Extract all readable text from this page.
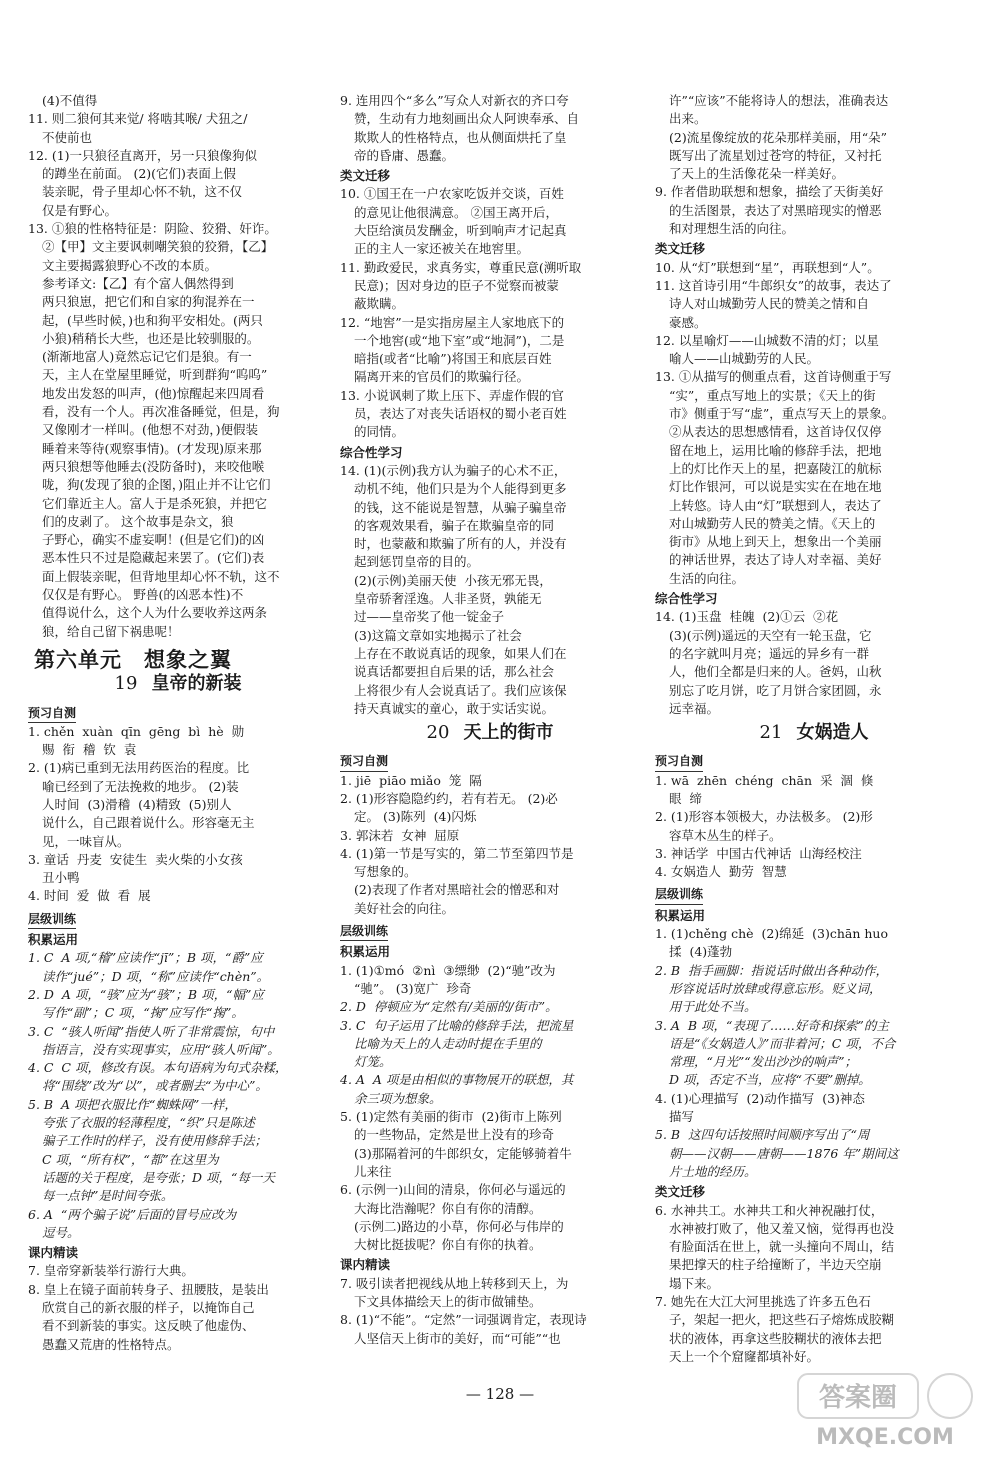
(4)不值得
11. 则二狼何其来觉/ 将啮其喉/ 犬狃之/
不使前也
12. (1)一只狼径直离开，另一只狼像狗似
的蹲坐在前面。 (2)(它们)表面上假
装亲昵，骨子里却心怀不轨，这不仅
仅是有野心。
13. ①狼的性格特征是：阴险、狡猾、奸诈。
②【甲】文主要讽刺嘲笑狼的狡猾，【乙】
文主要揭露狼野心不改的本质。
参考译文:【乙】有个富人偶然得到
两只狼崽，把它们和自家的狗混养在一
起，(早些时候，)也和狗平安相处。(两只
小狼)稍稍长大些，也还是比较驯服的。
(渐渐地富人)竟然忘记它们是狼。有一
天，主人在堂屋里睡觉，听到群狗“呜呜”
地发出发怒的叫声，(他)惊醒起来四周看
看，没有一个人。再次准备睡觉，但是，狗
又像刚才一样叫。(他想不对劲，)便假装
睡着来等待(观察事情)。(才发现)原来那
两只狼想等他睡去(没防备时)，来咬他喉
咙，狗(发现了狼的企图，)阻止并不让它们
它们靠近主人。富人于是杀死狼，并把它
们的皮剥了。 这个故事是杂文，狼
子野心，确实不虚妄啊！(但是它们)的凶
恶本性只不过是隐藏起来罢了。(它们)表
面上假装亲昵，但背地里却心怀不轨，这不
仅仅是有野心。 野兽(的凶恶本性)不
值得说什么，这个人为什么要收养这两条
狼，给自己留下祸患呢！
第六单元　想象之翼
19 皇帝的新装
预习自测
1. chěn  xuàn  qīn  gēng  bì  hè  勋
赐  衔  稽  钦  袁
2. (1)病已重到无法用药医治的程度。比
喻已经到了无法挽救的地步。 (2)装
人时间  (3)滑稽  (4)精致  (5)别人
说什么，自己跟着说什么。形容毫无主
见，一味盲从。
3. 童话  丹麦  安徒生  卖火柴的小女孩
丑小鸭
4. 时间  爱  做  看  展
层级训练
积累运用
1. C  A 项,“稽”应读作“jī”；B 项，“爵”应
读作“jué”；D 项，“称”应读作“chèn”。
2. D  A 项，“骇”应为“骇”；B 项，“幅”应
写作“副”；C 项，“掬”应写作“掬”。
3. C  “骇人听闻”指使人听了非常震惊，句中
指语言，没有实现事实，应用“骇人听闻”。
4. C  C 项，修改有误。本句语病为句式杂糅，
将“围绕”改为“以”，或者删去“为中心”。
5. B  A 项把衣服比作“蜘蛛网”一样，
夸张了衣服的轻薄程度，“织”只是陈述
骗子工作时的样子，没有使用修辞手法；
C 项，“所有权”，“都”在这里为
话题的关于程度，是夸张；D 项，“每一天
每一点钟”是时间夸张。
6. A  “两个骗子说”后面的冒号应改为
逗号。
课内精读
7. 皇帝穿新装举行游行大典。
8. 皇上在镜子面前转身子、扭腰肢，是装出
欣赏自己的新衣服的样子，以掩饰自己
看不到新装的事实。这反映了他虚伪、
愚蠢又荒唐的性格特点。
9. 连用四个“多么”写众人对新衣的齐口夸
赞，生动有力地刻画出众人阿谀奉承、自
欺欺人的性格特点，也从侧面烘托了皇
帝的昏庸、愚蠢。
类文迁移
10. ①国王在一户农家吃饭并交谈，百姓
的意见让他很满意。 ②国王离开后，
大臣给演员发酬金，听到响声才记起真
正的主人一家还被关在地窖里。
11. 勤政爱民，求真务实，尊重民意(溯听取
民意)；因对身边的臣子不觉察而被蒙
蔽欺瞒。
12. “地窖”一是实指房屋主人家地底下的
一个地窖(或“地下室”或“地洞”)，二是
暗指(或者“比喻”)将国王和底层百姓
隔离开来的官员们的欺骗行径。
13. 小说讽刺了欺上压下、弄虚作假的官
员，表达了对丧失话语权的蜀小老百姓
的同情。
综合性学习
14. (1)(示例)我方认为骗子的心术不正，
动机不纯，他们只是为个人能得到更多
的钱，这不能说是智慧，从骗子骗皇帝
的客观效果看，骗子在欺骗皇帝的同
时，也蒙蔽和欺骗了所有的人，并没有
起到惩罚皇帝的目的。
(2)(示例)美丽天使  小孩无邪无畏，
皇帝骄奢淫逸。人非圣贤，孰能无
过——皇帝奖了他一锭金子
(3)这篇文章如实地揭示了社会
上存在不敢说真话的现象，如果人们在
说真话都要担自后果的话，那么社会
上将很少有人会说真话了。我们应该保
持天真诚实的童心，敢于实话实说。
20 天上的街市
预习自测
1. jiē  piāo miǎo  笼  隔
2. (1)形容隐隐约约，若有若无。 (2)必
定。 (3)陈列  (4)闪烁
3. 郭沫若  女神  屈原
4. (1)第一节是写实的，第二节至第四节是
写想象的。
(2)表现了作者对黑暗社会的憎恶和对
美好社会的向往。
层级训练
积累运用
1. (1)①mó  ②nì  ③缥缈  (2)“驰”改为
“驰”。 (3)宽广  珍奇
2. D  停顿应为“定然有/美丽的/街市”。
3. C  句子运用了比喻的修辞手法，把流星
比喻为天上的人走动时提在手里的
灯笼。
4. A  A 项是由相似的事物展开的联想，其
余三项为想象。
5. (1)定然有美丽的街市  (2)街市上陈列
的一些物品，定然是世上没有的珍奇
(3)那隔着河的牛郎织女，定能够骑着牛
儿来往
6. (示例一)山间的清泉，你何必与遥远的
大海比浩瀚呢？你自有你的清醇。
(示例二)路边的小草，你何必与伟岸的
大树比挺拔呢？你自有你的执着。
课内精读
7. 吸引读者把视线从地上转移到天上，为
下文具体描绘天上的街市做铺垫。
8. (1)“不能”。“定然”一词强调肯定，表现诗
人坚信天上街市的美好，而“可能”“也
许”“应该”不能将诗人的想法，准确表达
出来。
(2)流星像绽放的花朵那样美丽，用“朵”
既写出了流星划过苍穹的特征，又衬托
了天上的生活像花朵一样美好。
9. 作者借助联想和想象，描绘了天街美好
的生活图景，表达了对黑暗现实的憎恶
和对理想生活的向往。
类文迁移
10. 从“灯”联想到“星”，再联想到“人”。
11. 这首诗引用“牛郎织女”的故事，表达了
诗人对山城勤劳人民的赞美之情和自
豪感。
12. 以星喻灯——山城数不清的灯；以星
喻人——山城勤劳的人民。
13. ①从描写的侧重点看，这首诗侧重于写
“实”，重点写地上的实景；《天上的街
市》侧重于写“虚”，重点写天上的景象。
②从表达的思想感情看，这首诗仅仅停
留在地上，运用比喻的修辞手法，把地
上的灯比作天上的星，把嘉陵江的航标
灯比作银河，可以说是实实在在地在地
上转悠。诗人由“灯”联想到人，表达了
对山城勤劳人民的赞美之情。《天上的
街市》从地上到天上，想象出一个美丽
的神话世界，表达了诗人对幸福、美好
生活的向往。
综合性学习
14. (1)玉盘  桂魄  (2)①云  ②花
(3)(示例)遥远的天空有一轮玉盘，它
的名字就叫月亮；遥远的异乡有一群
人，他们全都是归来的人。爸妈，山秋
别忘了吃月饼，吃了月饼合家团圆，永
远幸福。
21 女娲造人
预习自测
1. wā  zhēn  chéng  chān  采  涸  倏
眼  缔
2. (1)形容本领极大，办法极多。 (2)形
容草木丛生的样子。
3. 神话学  中国古代神话  山海经校注
4. 女娲造人  勤劳  智慧
层级训练
积累运用
1. (1)chěng chè  (2)绵延  (3)chān huo
揉  (4)蓬勃
2. B  指手画脚：指说话时做出各种动作，
形容说话时放肆或得意忘形。贬义词，
用于此处不当。
3. A  B 项，“表现了……好奇和探索”的主
语是“《女娲造人》”而非着河；C 项，不合
常理，“月光”“发出沙沙的响声”；
D 项，否定不当，应将“不要”删掉。
4. (1)心理描写  (2)动作描写  (3)神态
描写
5. B  这四句话按照时间顺序写出了“周
朝——汉朝——唐朝——1876 年”期间这
片土地的经历。
类文迁移
6. 水神共工。水神共工和火神祝融打仗，
水神被打败了，他又羞又恼，觉得再也没
有脸面活在世上，就一头撞向不周山，结
果把撑天的柱子给撞断了，半边天空崩
塌下来。
7. 她先在大江大河里挑选了许多五色石
子，架起一把火，把这些石子熔炼成胶糊
状的液体，再拿这些胶糊状的液体去把
天上一个个窟窿都填补好。
— 128 —	答案圈
MXQE.COM
